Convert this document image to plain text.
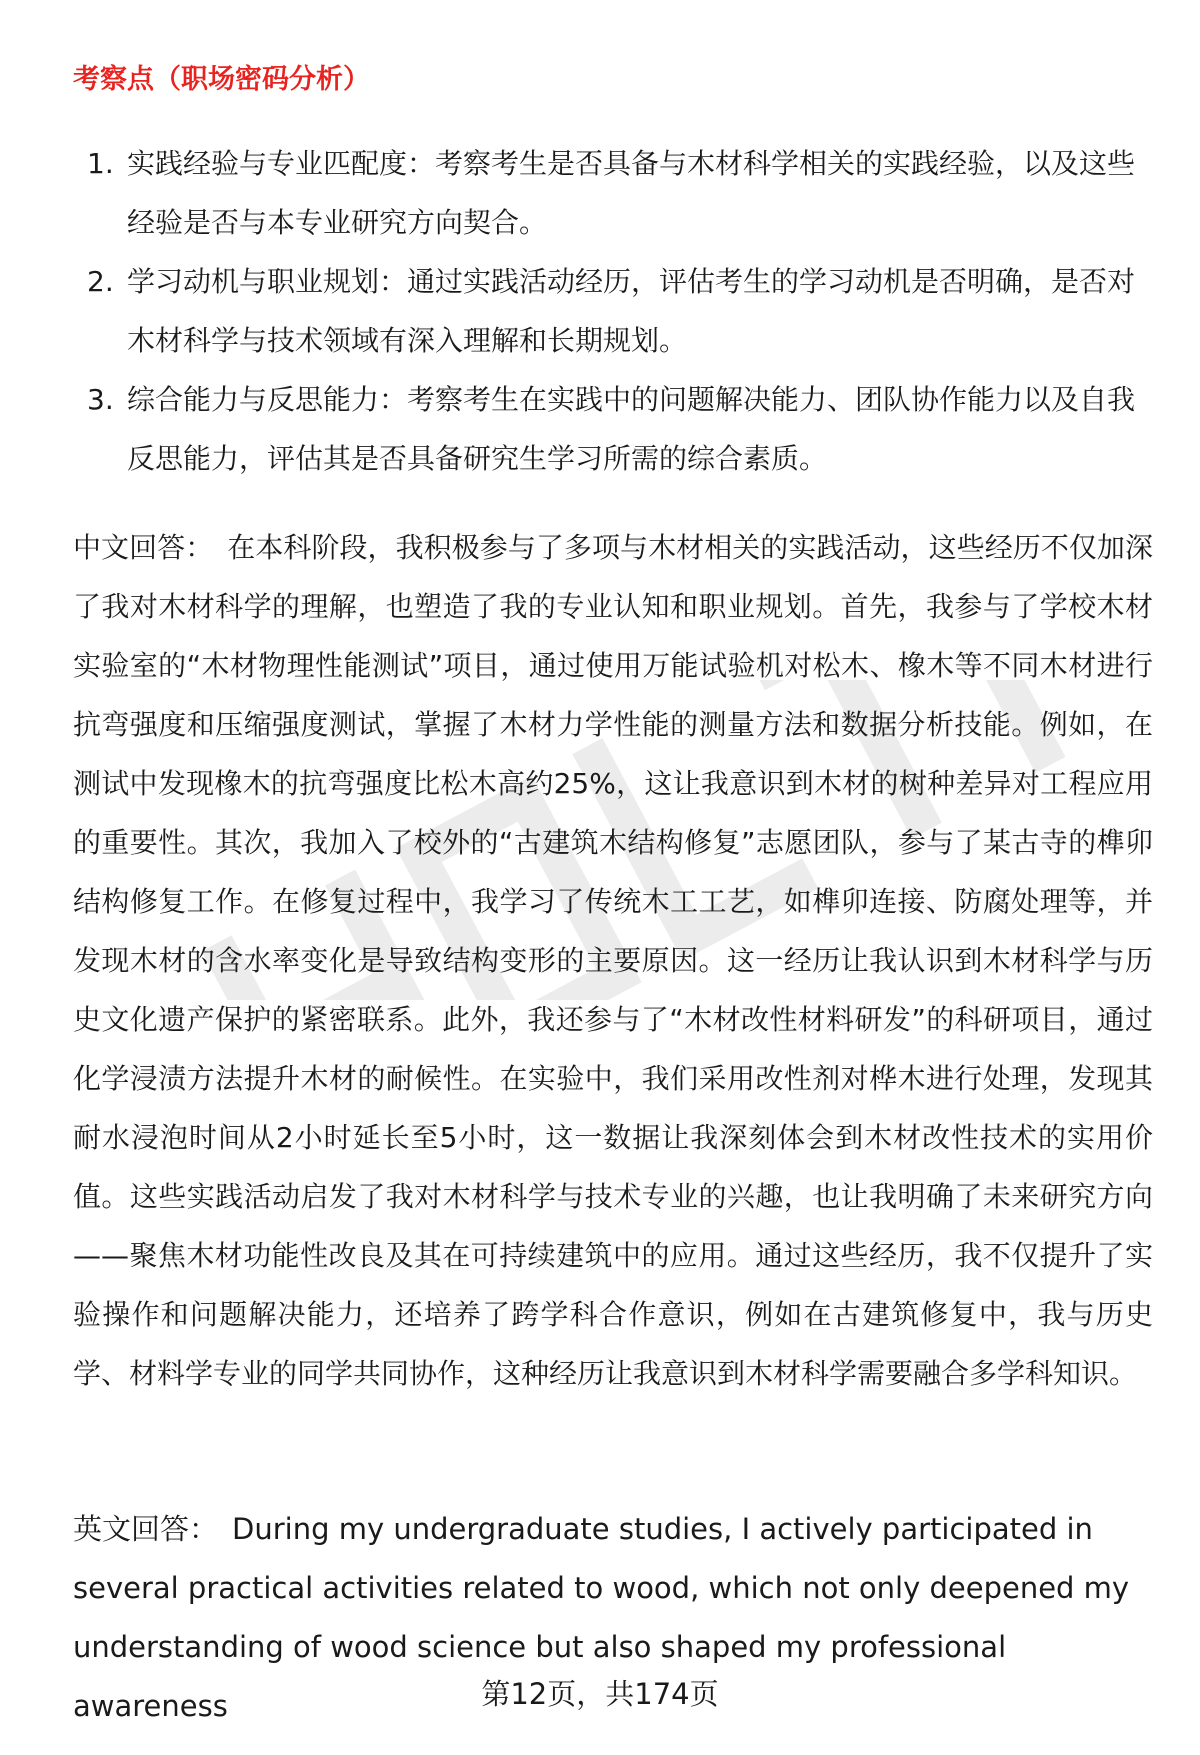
考察点（职场密码分析）
1. 实践经验与专业匹配度：考察考生是否具备与木材科学相关的实践经验，以及这些经验是否与本专业研究方向契合。
2. 学习动机与职业规划：通过实践活动经历，评估考生的学习动机是否明确，是否对木材科学与技术领域有深入理解和长期规划。
3. 综合能力与反思能力：考察考生在实践中的问题解决能力、团队协作能力以及自我反思能力，评估其是否具备研究生学习所需的综合素质。

中文回答： 在本科阶段，我积极参与了多项与木材相关的实践活动，这些经历不仅加深了我对木材科学的理解，也塑造了我的专业认知和职业规划。首先，我参与了学校木材实验室的“木材物理性能测试”项目，通过使用万能试验机对松木、橡木等不同木材进行抗弯强度和压缩强度测试，掌握了木材力学性能的测量方法和数据分析技能。例如，在测试中发现橡木的抗弯强度比松木高约25%，这让我意识到木材的树种差异对工程应用的重要性。其次，我加入了校外的“古建筑木结构修复”志愿团队，参与了某古寺的榫卯结构修复工作。在修复过程中，我学习了传统木工工艺，如榫卯连接、防腐处理等，并发现木材的含水率变化是导致结构变形的主要原因。这一经历让我认识到木材科学与历史文化遗产保护的紧密联系。此外，我还参与了“木材改性材料研发”的科研项目，通过化学浸渍方法提升木材的耐候性。在实验中，我们采用改性剂对桦木进行处理，发现其耐水浸泡时间从2小时延长至5小时，这一数据让我深刻体会到木材改性技术的实用价值。这些实践活动启发了我对木材科学与技术专业的兴趣，也让我明确了未来研究方向——聚焦木材功能性改良及其在可持续建筑中的应用。通过这些经历，我不仅提升了实验操作和问题解决能力，还培养了跨学科合作意识，例如在古建筑修复中，我与历史学、材料学专业的同学共同协作，这种经历让我意识到木材科学需要融合多学科知识。

英文回答： During my undergraduate studies, I actively participated in several practical activities related to wood, which not only deepened my understanding of wood science but also shaped my professional awareness	第12页，共174页
